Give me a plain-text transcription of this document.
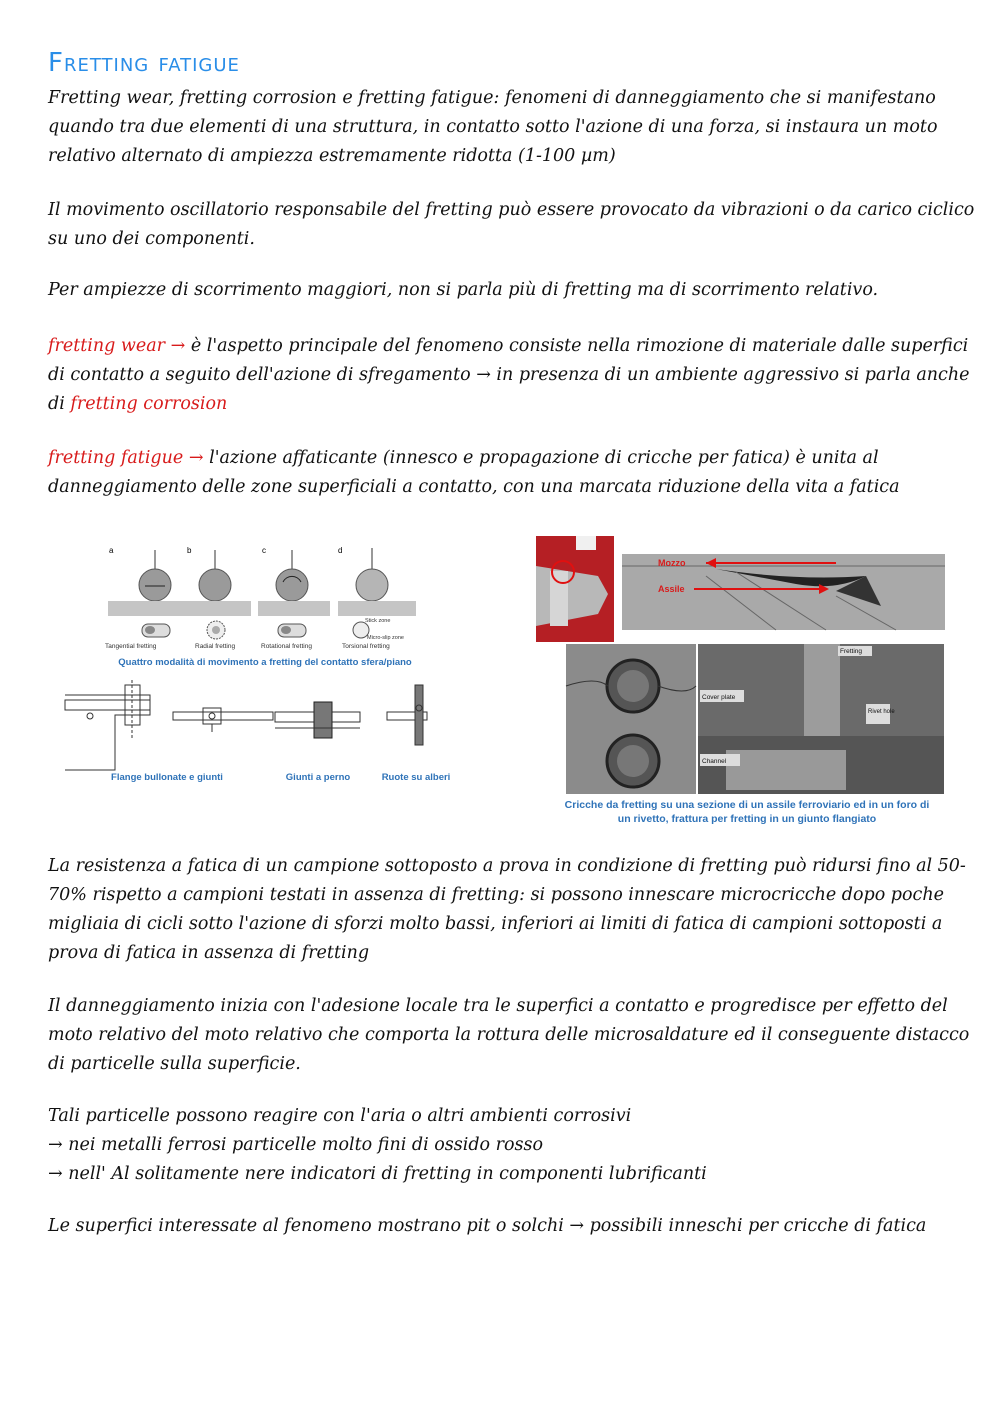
Fretting fatigue

Fretting wear, fretting corrosion e fretting fatigue: fenomeni di danneggiamento che si manifestano quando tra due elementi di una struttura, in contatto sotto l'azione di una forza, si instaura un moto relativo alternato di ampiezza estremamente ridotta (1-100 µm)

Il movimento oscillatorio responsabile del fretting può essere provocato da vibrazioni o da carico ciclico su uno dei componenti.

Per ampiezze di scorrimento maggiori, non si parla più di fretting ma di scorrimento relativo.

fretting wear → è l'aspetto principale del fenomeno consiste nella rimozione di materiale dalle superfici di contatto a seguito dell'azione di sfregamento → in presenza di un ambiente aggressivo si parla anche di fretting corrosion

fretting fatigue → l'azione affaticante (innesco e propagazione di cricche per fatica) è unita al danneggiamento delle zone superficiali a contatto, con una marcata riduzione della vita a fatica

a
Tangential fretting
b
Radial fretting
c
Rotational fretting
d
Stick zone
Micro-slip zone
Torsional fretting
Quattro modalità di movimento a fretting del contatto sfera/piano
Flange bullonate e giunti	Giunti a perno	Ruote su alberi
Mozzo
Assile
Fretting
Cover plate
Rivet hole
Channel
Cricche da fretting su una sezione di un assile ferroviario ed in un foro di un rivetto, frattura per fretting in un giunto flangiato

La resistenza a fatica di un campione sottoposto a prova in condizione di fretting può ridursi fino al 50-70% rispetto a campioni testati in assenza di fretting: si possono innescare microcricche dopo poche migliaia di cicli sotto l'azione di sforzi molto bassi, inferiori ai limiti di fatica di campioni sottoposti a prova di fatica in assenza di fretting

Il danneggiamento inizia con l'adesione locale tra le superfici a contatto e progredisce per effetto del moto relativo del moto relativo che comporta la rottura delle microsaldature ed il conseguente distacco di particelle sulla superficie.

Tali particelle possono reagire con l'aria o altri ambienti corrosivi
→ nei metalli ferrosi particelle molto fini di ossido rosso
→ nell' Al solitamente nere indicatori di fretting in componenti lubrificanti

Le superfici interessate al fenomeno mostrano pit o solchi → possibili inneschi per cricche di fatica
